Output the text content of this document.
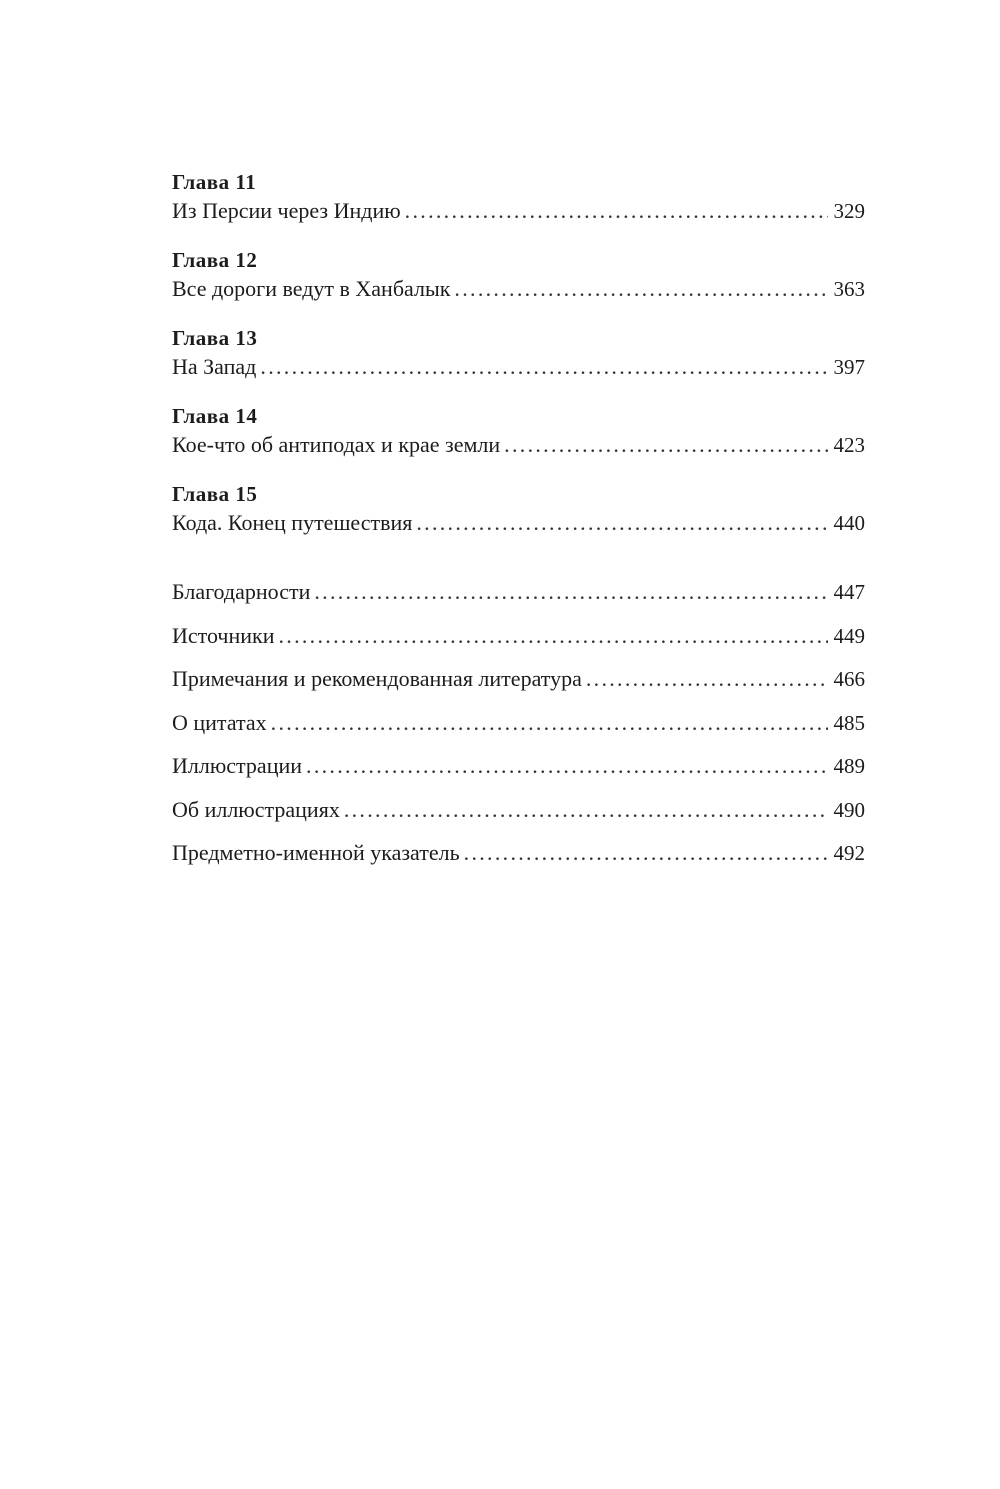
Глава 11
Из Персии через Индию . . .	329
Глава 12
Все дороги ведут в Ханбалык . . .	363
Глава 13
На Запад . . .	397
Глава 14
Кое-что об антиподах и крае земли . . .	423
Глава 15
Кода. Конец путешествия . . .	440
Благодарности . . .	447
Источники . . .	449
Примечания и рекомендованная литература . . .	466
О цитатах . . .	485
Иллюстрации . . .	489
Об иллюстрациях . . .	490
Предметно-именной указатель . . .	492
